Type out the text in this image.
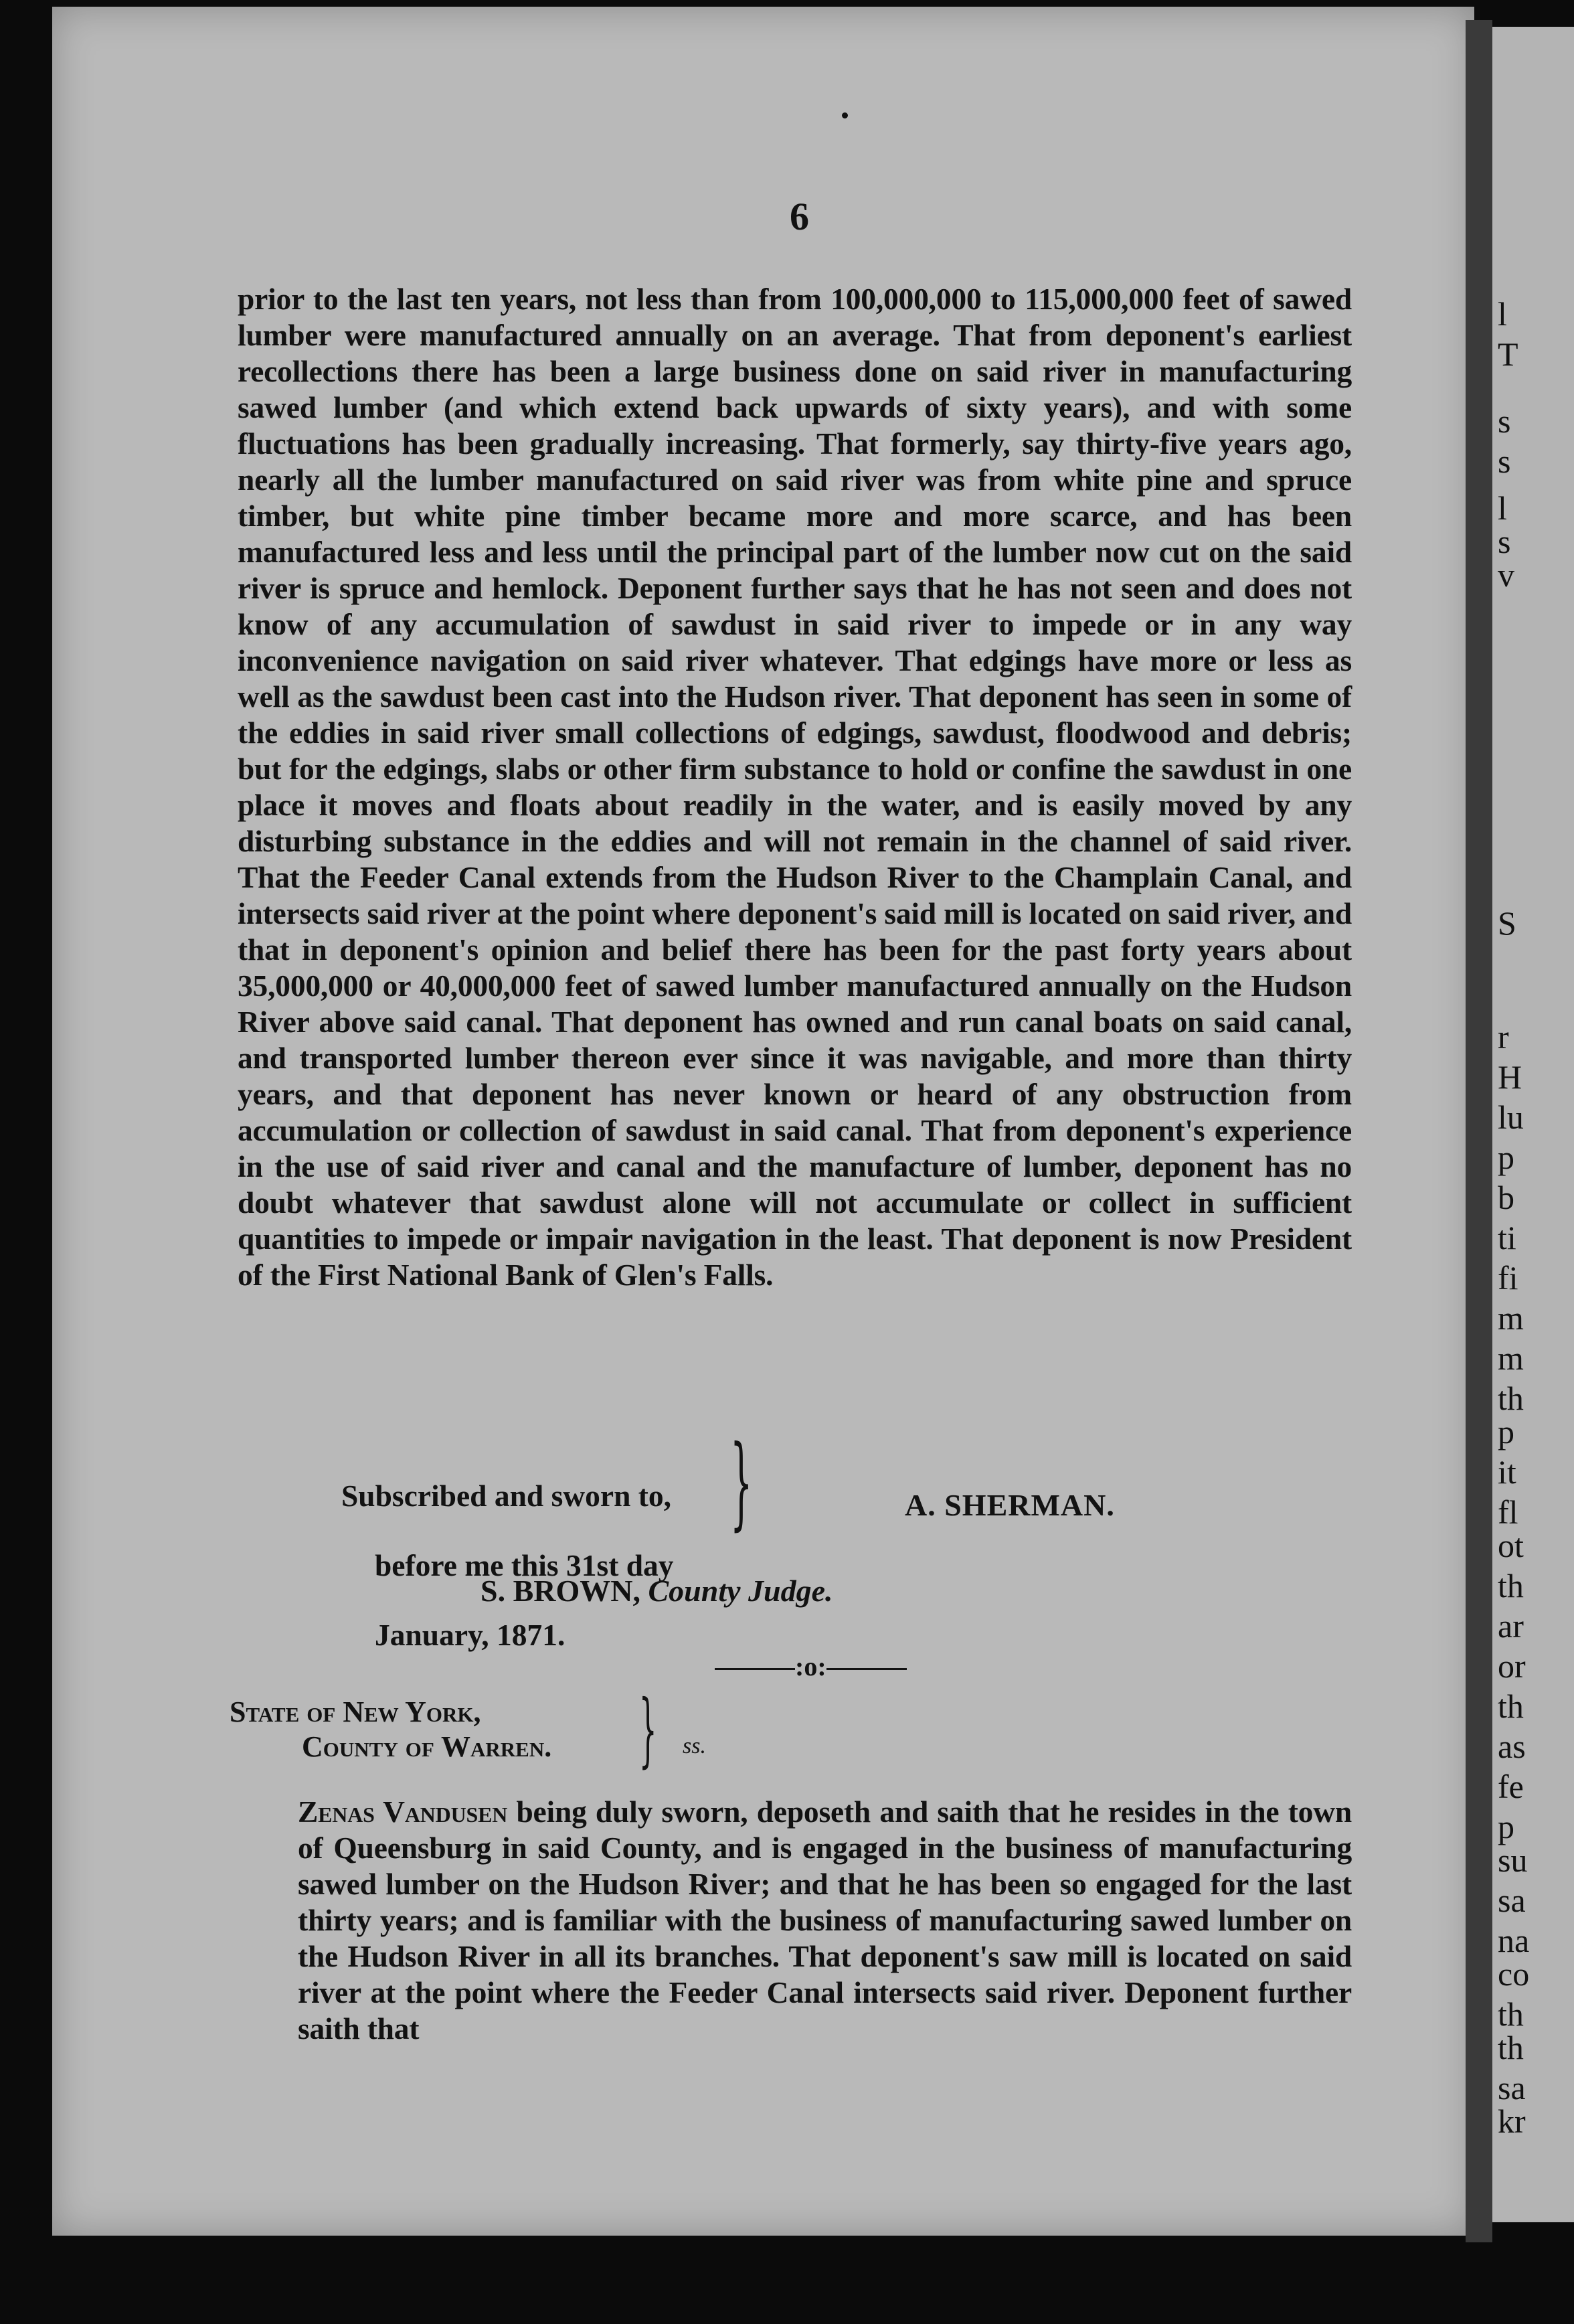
l
T
s
s
l
s
v
S
r
H
lu
p
b
ti
fi
m
m
th
p
it
fl
ot
th
ar
or
th
as
fe
p
su
sa
na
co
th
th
sa
kr
6

prior to the last ten years, not less than from 100,000,000 to 115,000,000 feet of sawed lumber were manufactured annually on an average. That from deponent's earliest recollections there has been a large business done on said river in manufacturing sawed lumber (and which extend back upwards of sixty years), and with some fluctuations has been gradually increasing. That formerly, say thirty-five years ago, nearly all the lumber manufactured on said river was from white pine and spruce timber, but white pine timber became more and more scarce, and has been manufactured less and less until the principal part of the lumber now cut on the said river is spruce and hemlock. Deponent further says that he has not seen and does not know of any accumulation of sawdust in said river to impede or in any way inconvenience navigation on said river whatever. That edgings have more or less as well as the sawdust been cast into the Hudson river. That deponent has seen in some of the eddies in said river small collections of edgings, sawdust, floodwood and debris; but for the edgings, slabs or other firm substance to hold or confine the sawdust in one place it moves and floats about readily in the water, and is easily moved by any disturbing substance in the eddies and will not remain in the channel of said river. That the Feeder Canal extends from the Hudson River to the Champlain Canal, and intersects said river at the point where deponent's said mill is located on said river, and that in deponent's opinion and belief there has been for the past forty years about 35,000,000 or 40,000,000 feet of sawed lumber manufactured annually on the Hudson River above said canal. That deponent has owned and run canal boats on said canal, and transported lumber thereon ever since it was navigable, and more than thirty years, and that deponent has never known or heard of any obstruction from accumulation or collection of sawdust in said canal. That from deponent's experience in the use of said river and canal and the manufacture of lumber, deponent has no doubt whatever that sawdust alone will not accumulate or collect in sufficient quantities to impede or impair navigation in the least. That deponent is now President of the First National Bank of Glen's Falls.

Subscribed and sworn to,

before me this 31st day

January, 1871.

}	A. SHERMAN.
S. BROWN, County Judge.
:o:
State of New York,
County of Warren. } ss.

Zenas Vandusen being duly sworn, deposeth and saith that he resides in the town of Queensburg in said County, and is engaged in the business of manufacturing sawed lumber on the Hudson River; and that he has been so engaged for the last thirty years; and is familiar with the business of manufacturing sawed lumber on the Hudson River in all its branches. That deponent's saw mill is located on said river at the point where the Feeder Canal intersects said river. Deponent further saith that
